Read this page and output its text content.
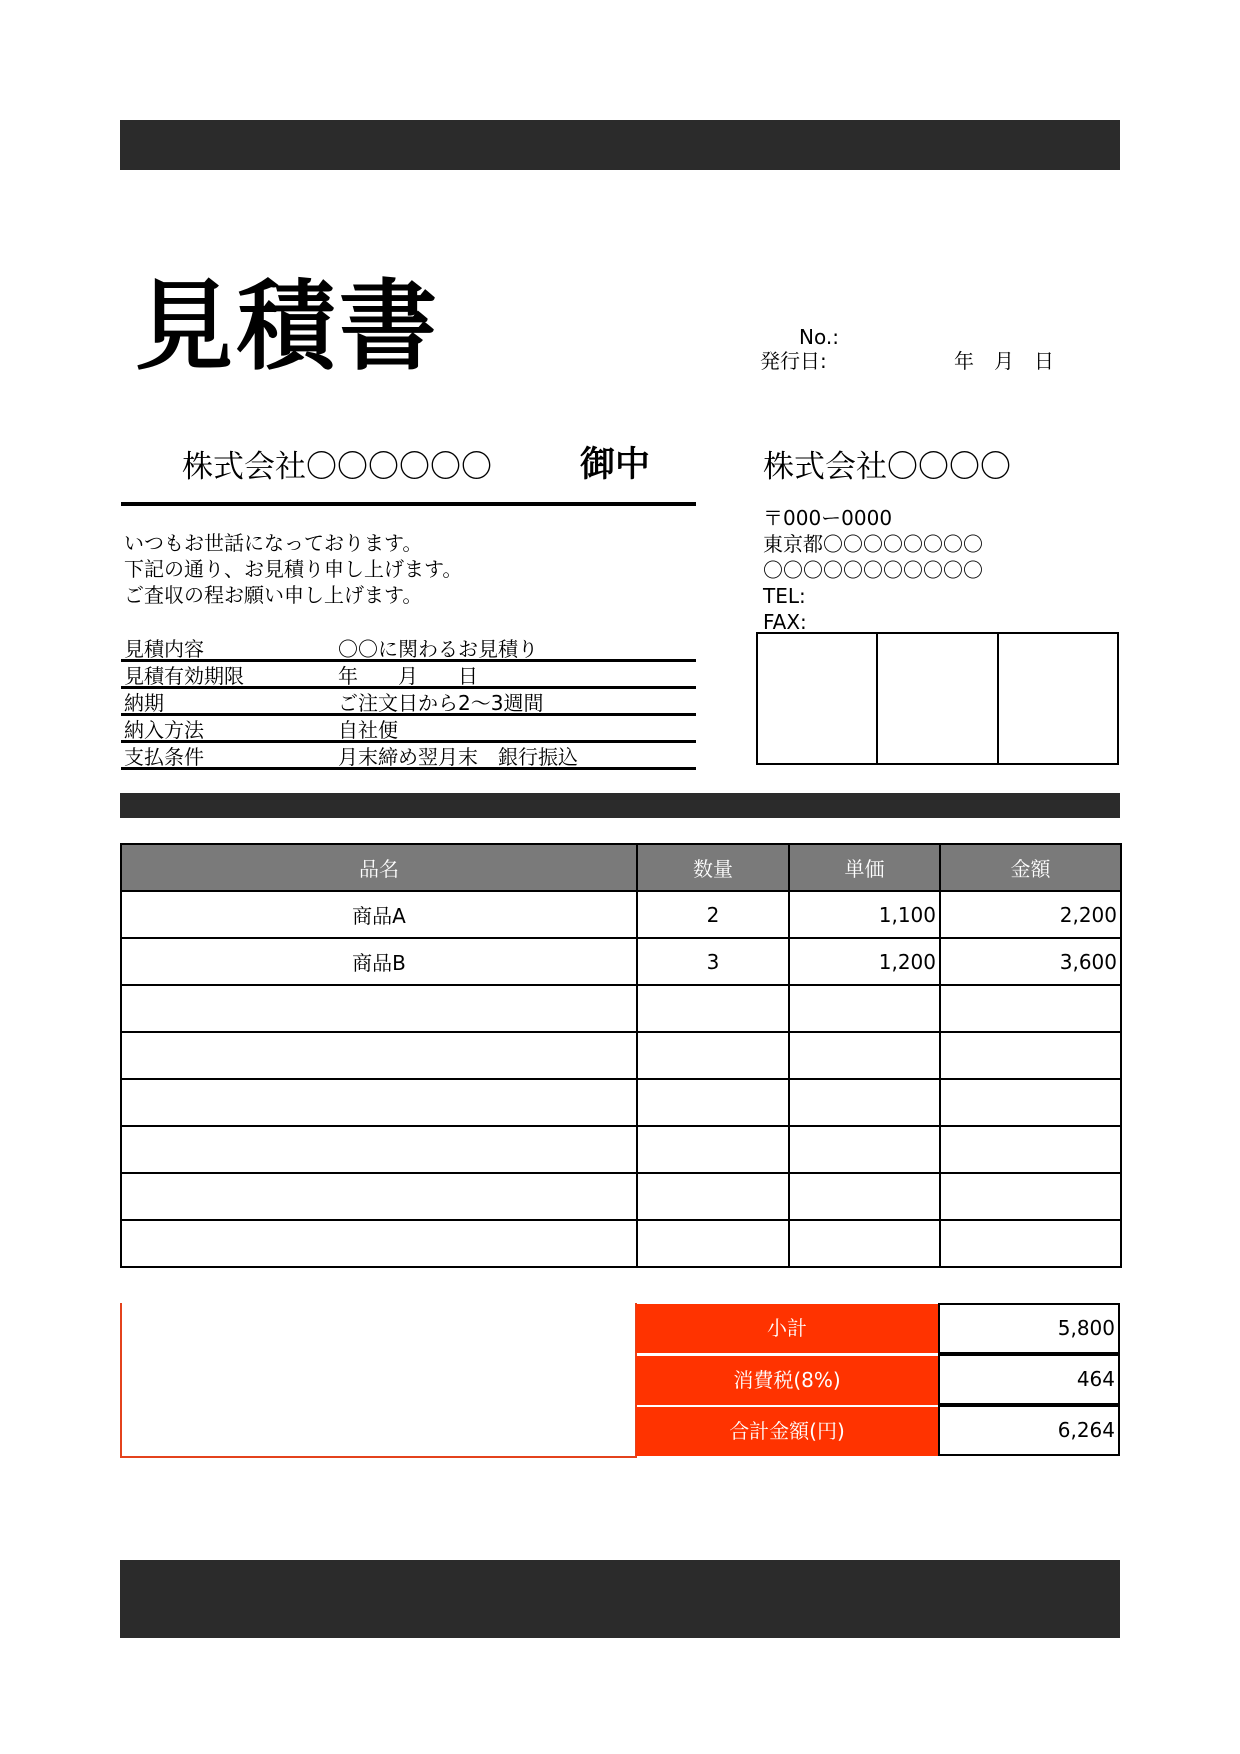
見積書	No.:
発行日:	年　月　日
株式会社〇〇〇〇〇〇	御中	株式会社〇〇〇〇
〒000ー0000
東京都〇〇〇〇〇〇〇〇
〇〇〇〇〇〇〇〇〇〇〇
TEL:
FAX:
いつもお世話になっております。
下記の通り、お見積り申し上げます。
ご査収の程お願い申し上げます。
見積内容	〇〇に関わるお見積り
見積有効期限	年　　月　　日
納期	ご注文日から2～3週間
納入方法	自社便
支払条件	月末締め翌月末　銀行振込
品名	数量	単価	金額
商品A	2	1,100	2,200
商品B	3	1,200	3,600

小計	5,800
消費税(8%)	464
合計金額(円)	6,264
